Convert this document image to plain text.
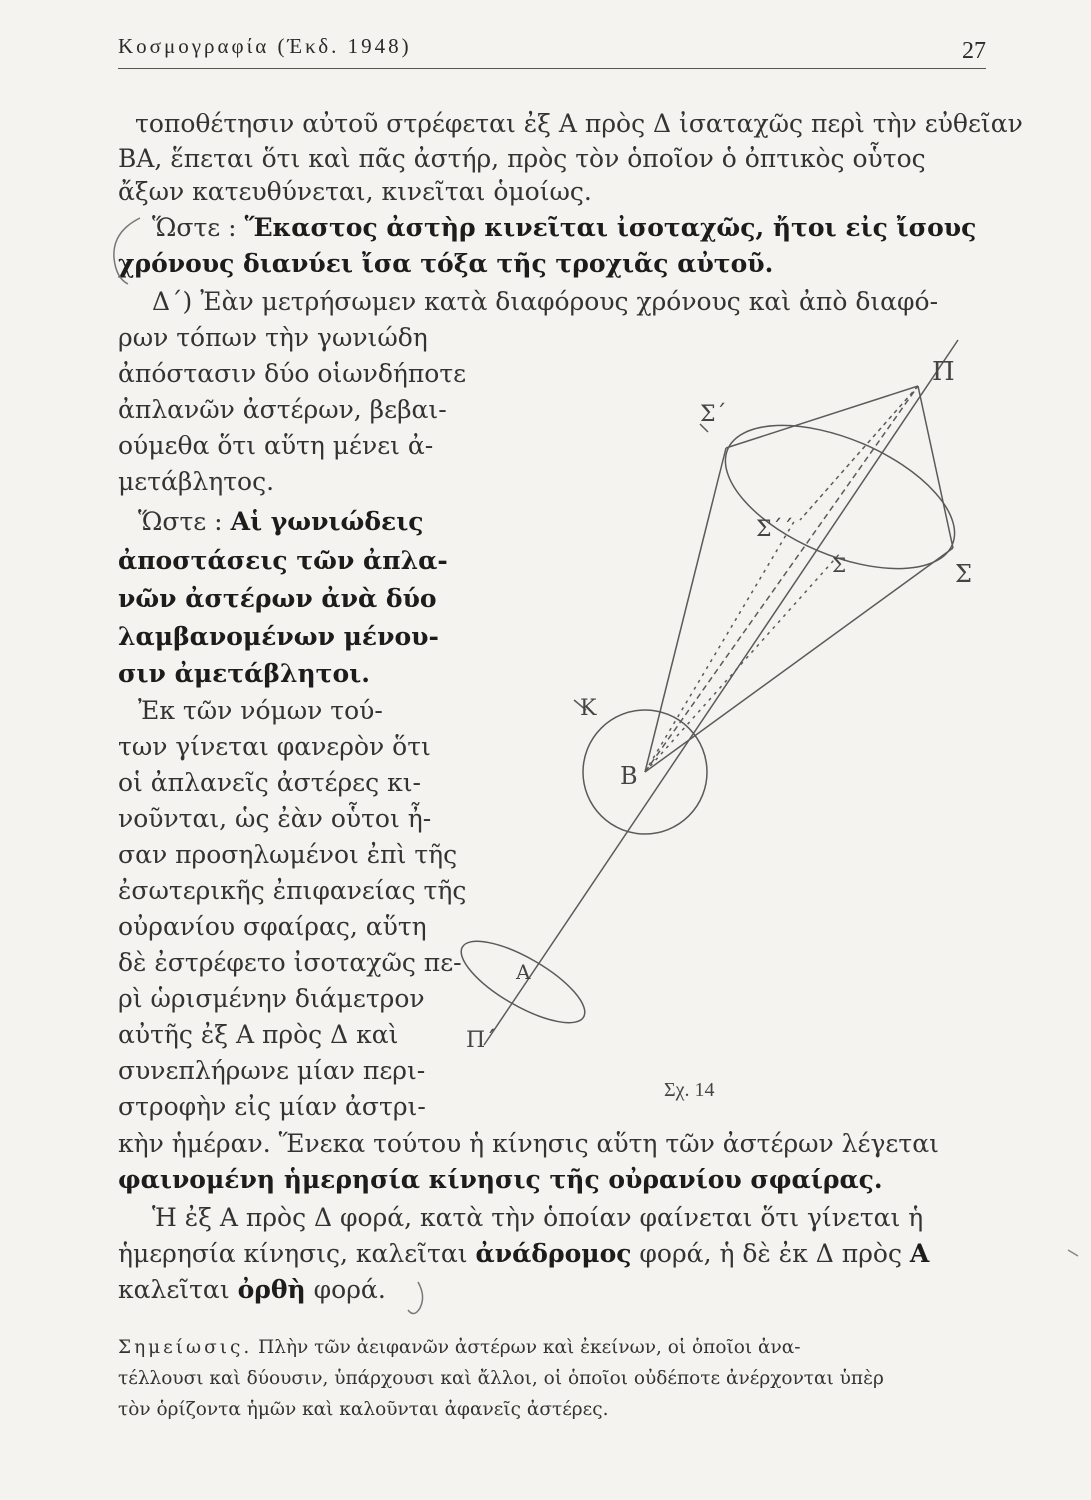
Κοσμογραφία (Έκδ. 1948)	27
τοποθέτησιν αὐτοῦ στρέφεται ἐξ Α πρὸς Δ ἰσαταχῶς περὶ τὴν εὐθεῖαν
ΒΑ, ἕπεται ὅτι καὶ πᾶς ἀστήρ, πρὸς τὸν ὁποῖον ὁ ὀπτικὸς οὗτος
ἄξων κατευθύνεται, κινεῖται ὁμοίως.
Ὥστε : Ἕκαστος ἀστὴρ κινεῖται ἰσοταχῶς, ἤτοι εἰς ἴσους
χρόνους διανύει ἴσα τόξα τῆς τροχιᾶς αὐτοῦ.
Δ΄) Ἐὰν μετρήσωμεν κατὰ διαφόρους χρόνους καὶ ἀπὸ διαφό-
ρων τόπων τὴν γωνιώδη
ἀπόστασιν δύο οἱωνδήποτε
ἀπλανῶν ἀστέρων, βεβαι-
ούμεθα ὅτι αὕτη μένει ἀ-
μετάβλητος.
Ὥστε : Αἱ γωνιώδεις
ἀποστάσεις τῶν ἀπλα-
νῶν ἀστέρων ἀνὰ δύο
λαμβανομένων μένου-
σιν ἀμετάβλητοι.
Ἐκ τῶν νόμων τού-
των γίνεται φανερὸν ὅτι
οἱ ἀπλανεῖς ἀστέρες κι-
νοῦνται, ὡς ἐὰν οὗτοι ἦ-
σαν προσηλωμένοι ἐπὶ τῆς
ἐσωτερικῆς ἐπιφανείας τῆς
οὐρανίου σφαίρας, αὕτη
δὲ ἐστρέφετο ἰσοταχῶς πε-
ρὶ ὡρισμένην διάμετρον
αὐτῆς ἐξ Α πρὸς Δ καὶ
συνεπλήρωνε μίαν περι-
στροφὴν εἰς μίαν ἀστρι-
κὴν ἡμέραν. Ἕνεκα τούτου ἡ κίνησις αὕτη τῶν ἀστέρων λέγεται
φαινομένη ἡμερησία κίνησις τῆς οὐρανίου σφαίρας.
Ἡ ἐξ Α πρὸς Δ φορά, κατὰ τὴν ὁποίαν φαίνεται ὅτι γίνεται ἡ
ἡμερησία κίνησις, καλεῖται ἀνάδρομος φορά, ἡ δὲ ἐκ Δ πρὸς Α
καλεῖται ὀρθὴ φορά.
Π
Σ΄
Σ΄΄
Σ	Σ
Κ
Β
Α
Π΄
Σχ. 14
Σημείωσις. Πλὴν τῶν ἀειφανῶν ἀστέρων καὶ ἐκείνων, οἱ ὁποῖοι ἀνα-
τέλλουσι καὶ δύουσιν, ὑπάρχουσι καὶ ἄλλοι, οἱ ὁποῖοι οὐδέποτε ἀνέρχονται ὑπὲρ
τὸν ὁρίζοντα ἡμῶν καὶ καλοῦνται ἀφανεῖς ἀστέρες.
